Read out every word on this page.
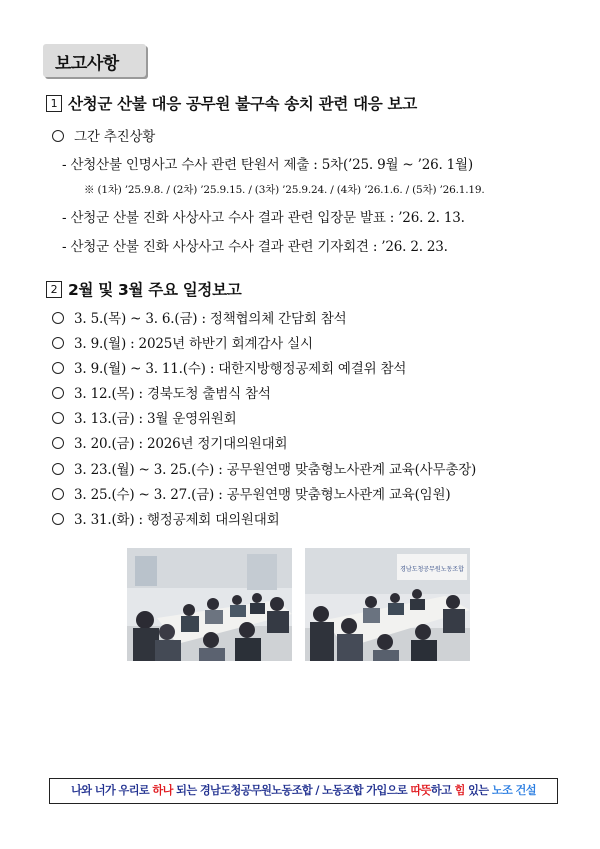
보고사항
1 산청군 산불 대응 공무원 불구속 송치 관련 대응 보고
그간 추진상황
- 산청산불 인명사고 수사 관련 탄원서 제출 : 5차(’25. 9월 ~ ’26. 1월)
※ (1차) ’25.9.8. / (2차) ’25.9.15. / (3차) ’25.9.24. / (4차) ’26.1.6. / (5차) ’26.1.19.
- 산청군 산불 진화 사상사고 수사 결과 관련 입장문 발표 : ’26. 2. 13.
- 산청군 산불 진화 사상사고 수사 결과 관련 기자회견 : ’26. 2. 23.
2 2월 및 3월 주요 일정보고
3. 5.(목) ~ 3. 6.(금) : 정책협의체 간담회 참석
3. 9.(월) : 2025년 하반기 회계감사 실시
3. 9.(월) ~ 3. 11.(수) : 대한지방행정공제회 예결위 참석
3. 12.(목) : 경북도청 출범식 참석
3. 13.(금) : 3월 운영위원회
3. 20.(금) : 2026년 정기대의원대회
3. 23.(월) ~ 3. 25.(수) : 공무원연맹 맞춤형노사관계 교육(사무총장)
3. 25.(수) ~ 3. 27.(금) : 공무원연맹 맞춤형노사관계 교육(임원)
3. 31.(화) : 행정공제회 대의원대회
경남도청공무원노동조합
나와 너가 우리로 하나 되는 경남도청공무원노동조합 / 노동조합 가입으로 따뜻하고 힘 있는 노조 건설
